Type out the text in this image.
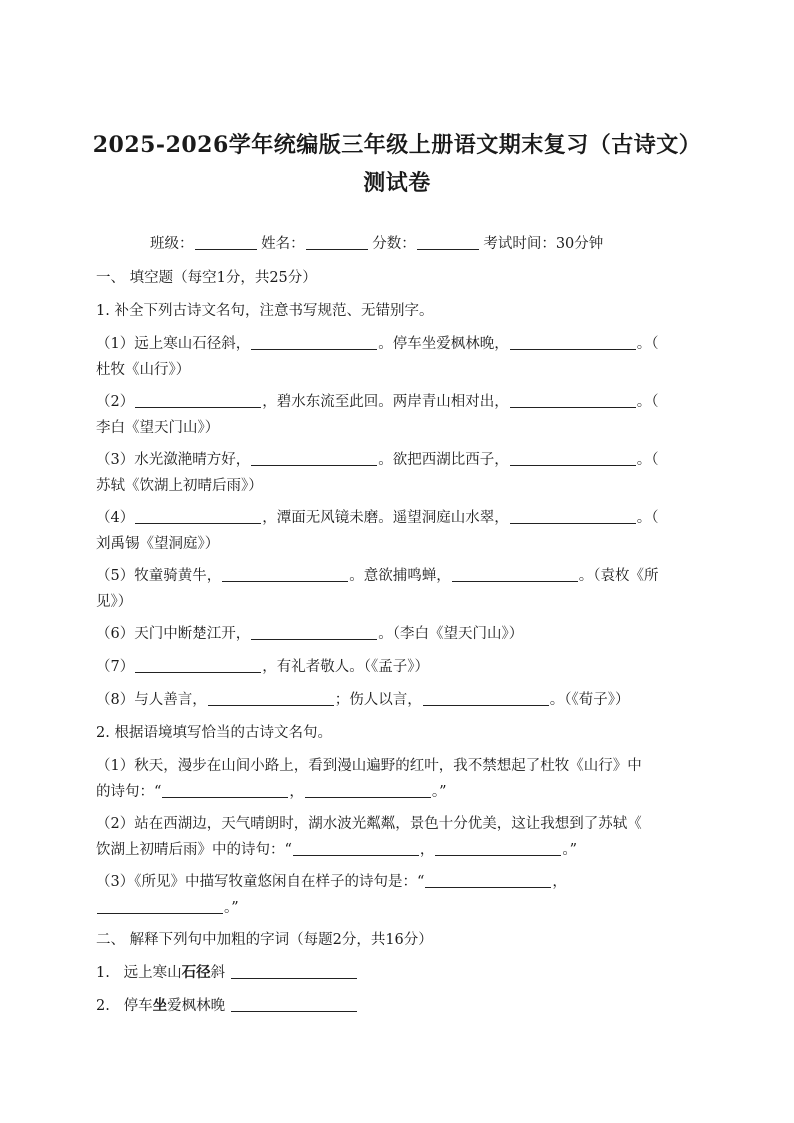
2025-2026学年统编版三年级上册语文期末复习（古诗文）测试卷
班级：	姓名：	分数：	考试时间：30分钟
一、 填空题（每空1分，共25分）
1. 补全下列古诗文名句，注意书写规范、无错别字。
（1）远上寒山石径斜，	。停车坐爱枫林晚，	。（
杜牧《山行》）
（2）	，碧水东流至此回。两岸青山相对出，	。（
李白《望天门山》）
（3）水光潋滟晴方好，	。欲把西湖比西子，	。（
苏轼《饮湖上初晴后雨》）
（4）	，潭面无风镜未磨。遥望洞庭山水翠，	。（
刘禹锡《望洞庭》）
（5）牧童骑黄牛，	。意欲捕鸣蝉，	。（袁枚《所
见》）
（6）天门中断楚江开，	。（李白《望天门山》）
（7）	，有礼者敬人。（《孟子》）
（8）与人善言，	；伤人以言，	。（《荀子》）
2. 根据语境填写恰当的古诗文名句。
（1）秋天，漫步在山间小路上，看到漫山遍野的红叶，我不禁想起了杜牧《山行》中
的诗句：“	，	。”
（2）站在西湖边，天气晴朗时，湖水波光粼粼，景色十分优美，这让我想到了苏轼《
饮湖上初晴后雨》中的诗句：“	，	。”
（3）《所见》中描写牧童悠闲自在样子的诗句是：“	，
。”
二、 解释下列句中加粗的字词（每题2分，共16分）
1. 远上寒山石径斜
2. 停车坐爱枫林晚
